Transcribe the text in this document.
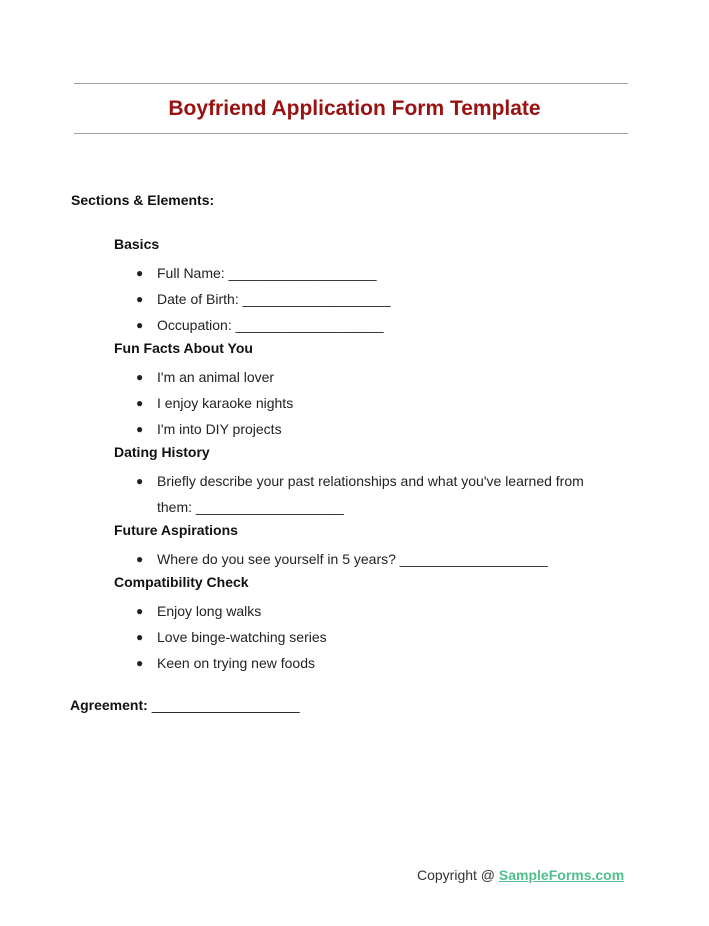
Boyfriend Application Form Template
Sections & Elements:
Basics
● Full Name: ___________________
● Date of Birth: ___________________
● Occupation: ___________________
Fun Facts About You
● I'm an animal lover
● I enjoy karaoke nights
● I'm into DIY projects
Dating History
● Briefly describe your past relationships and what you've learned from them: ___________________
Future Aspirations
● Where do you see yourself in 5 years? ___________________
Compatibility Check
● Enjoy long walks
● Love binge-watching series
● Keen on trying new foods
Agreement: ___________________
Copyright @ SampleForms.com
